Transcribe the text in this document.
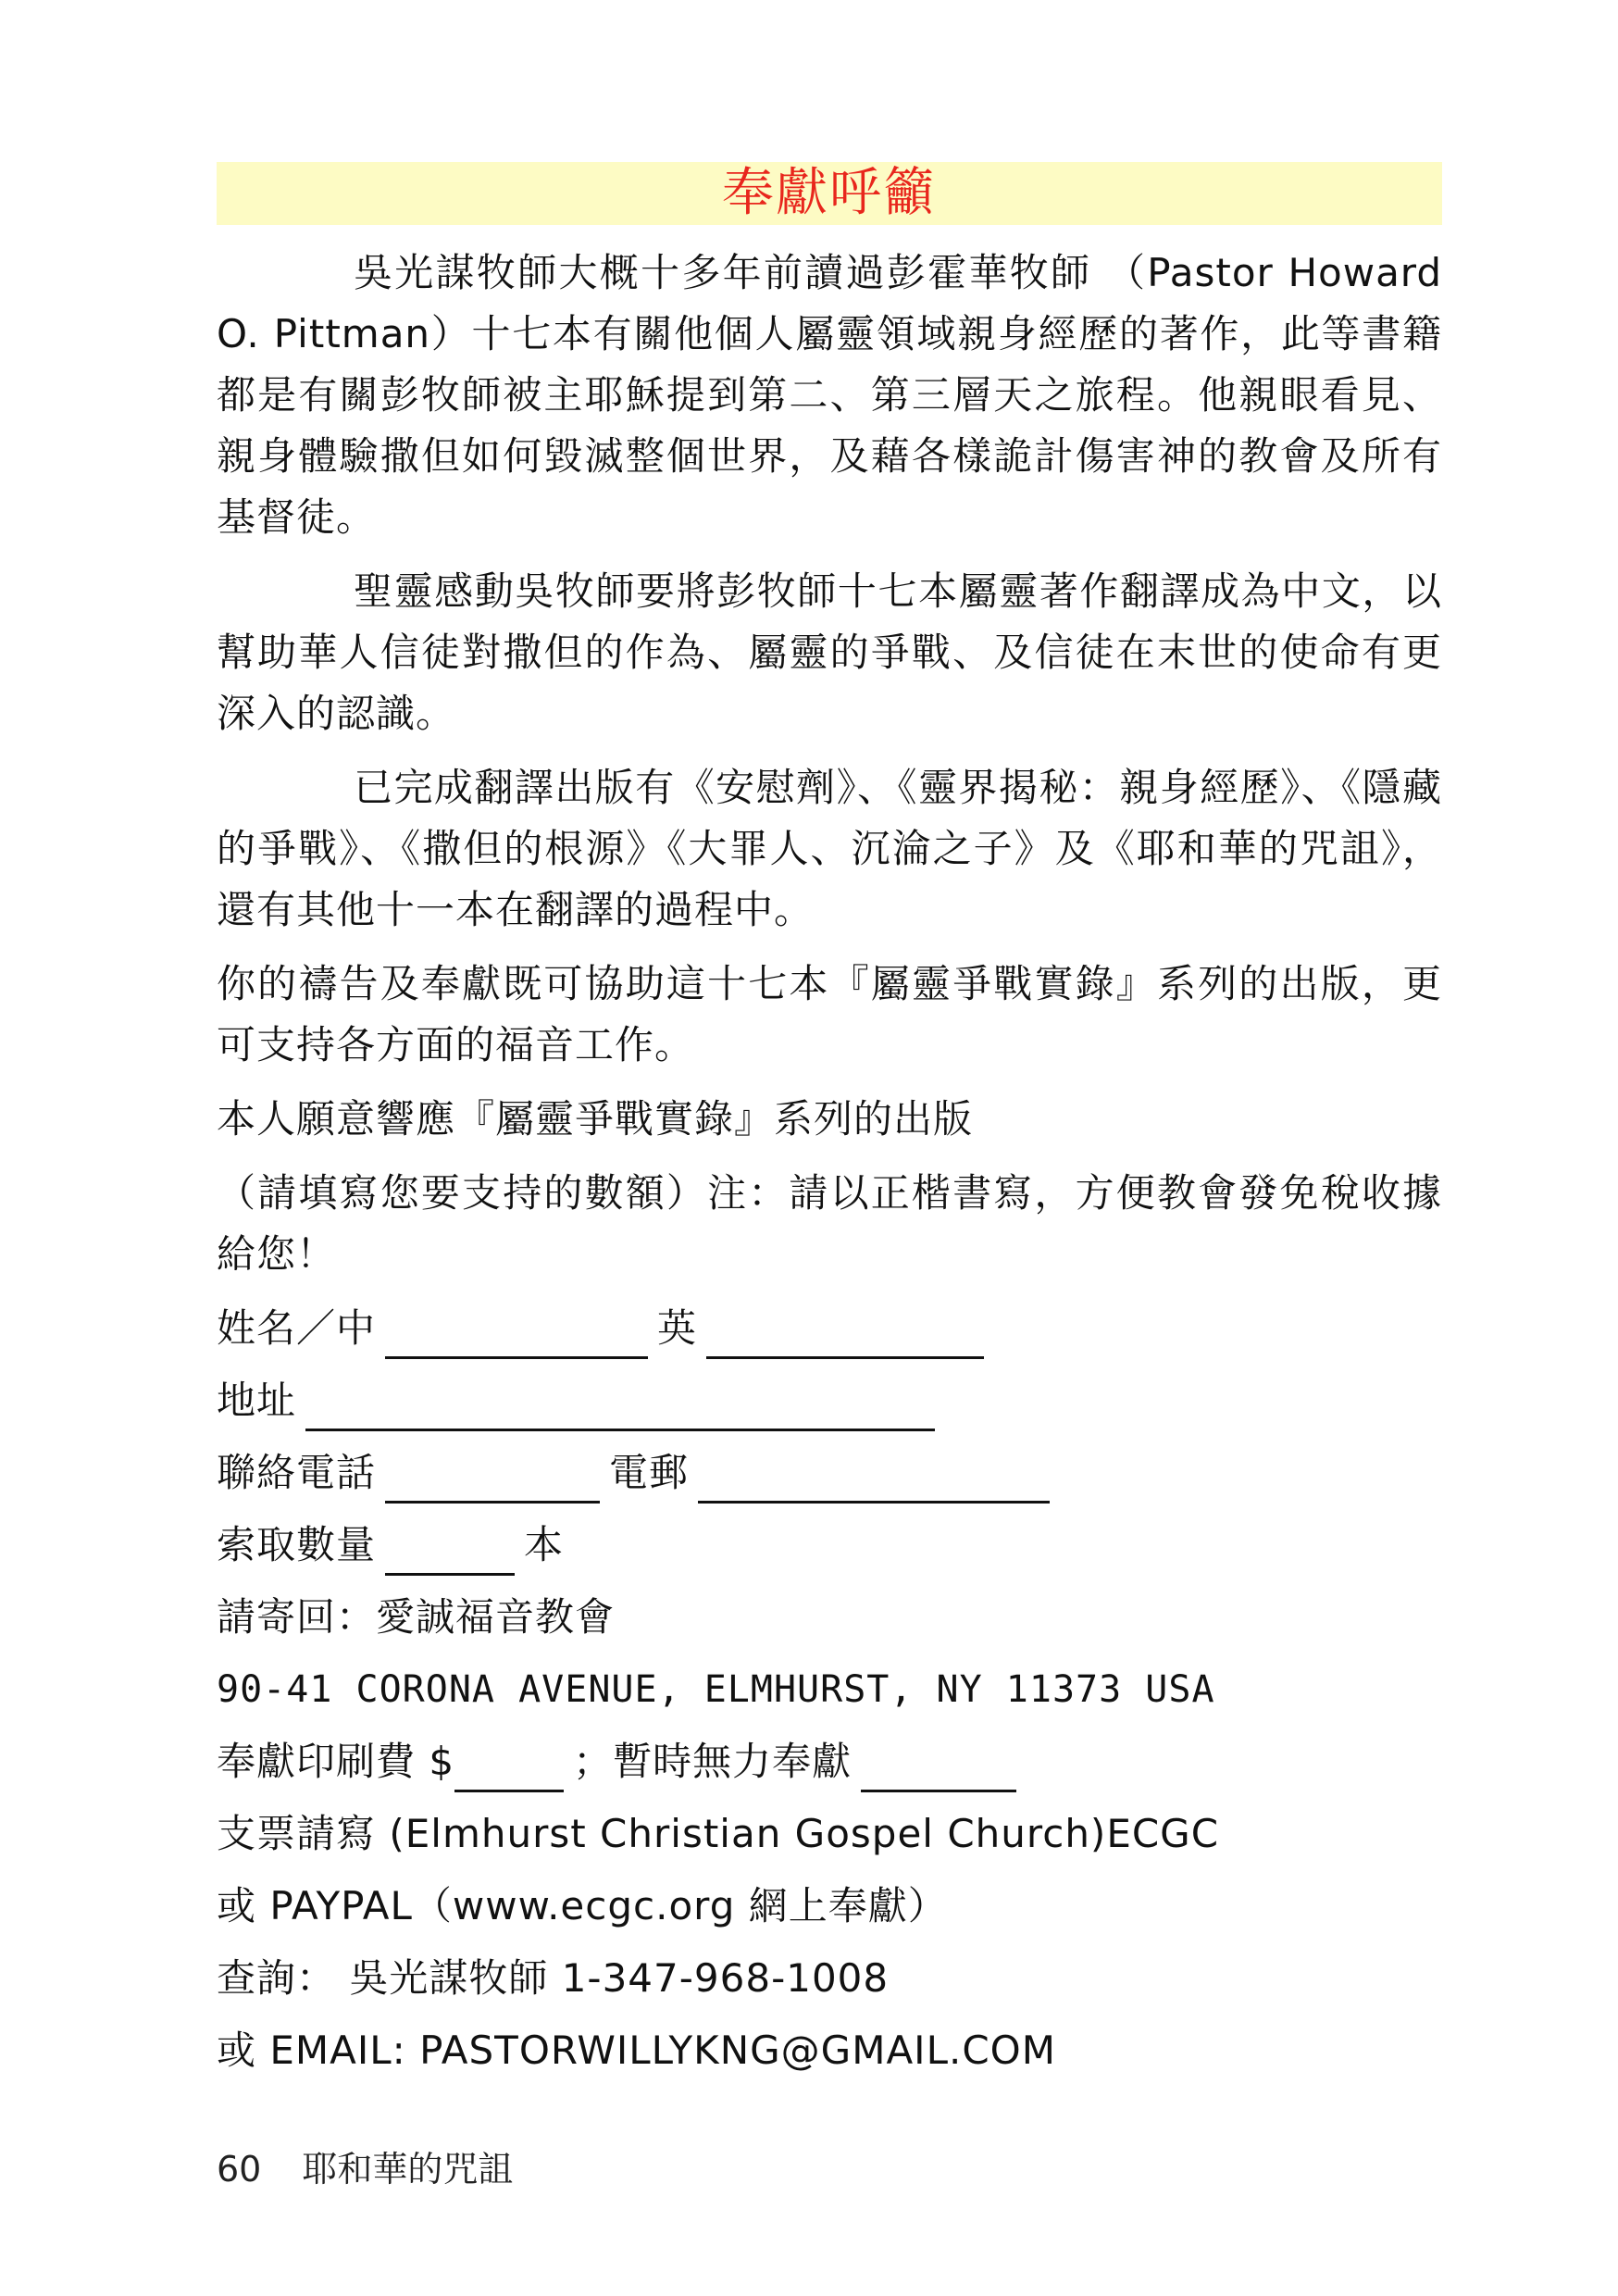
奉獻呼籲

吳光謀牧師大概十多年前讀過彭霍華牧師 （Pastor Howard O. Pittman）十七本有關他個人屬靈領域親身經歷的著作，此等書籍都是有關彭牧師被主耶穌提到第二、第三層天之旅程。他親眼看見、親身體驗撒但如何毀滅整個世界，及藉各樣詭計傷害神的教會及所有基督徒。

聖靈感動吳牧師要將彭牧師十七本屬靈著作翻譯成為中文，以幫助華人信徒對撒但的作為、屬靈的爭戰、及信徒在末世的使命有更深入的認識。

已完成翻譯出版有《安慰劑》、《靈界揭秘：親身經歷》、《隱藏的爭戰》、《撒但的根源》《大罪人、沉淪之子》及《耶和華的咒詛》，還有其他十一本在翻譯的過程中。

你的禱告及奉獻既可協助這十七本『屬靈爭戰實錄』系列的出版，更可支持各方面的福音工作。

本人願意響應『屬靈爭戰實錄』系列的出版

（請填寫您要支持的數額）注：請以正楷書寫，方便教會發免稅收據給您！

姓名／中	英
地址
聯絡電話	電郵
索取數量	本
請寄回：愛誠福音教會
90-41 CORONA AVENUE, ELMHURST, NY 11373 USA
奉獻印刷費 $	；暫時無力奉獻
支票請寫 (Elmhurst Christian Gospel Church)ECGC
或 PAYPAL（www.ecgc.org 網上奉獻）
查詢： 吳光謀牧師 1-347-968-1008
或 EMAIL: PASTORWILLYKNG@GMAIL.COM
60 耶和華的咒詛
